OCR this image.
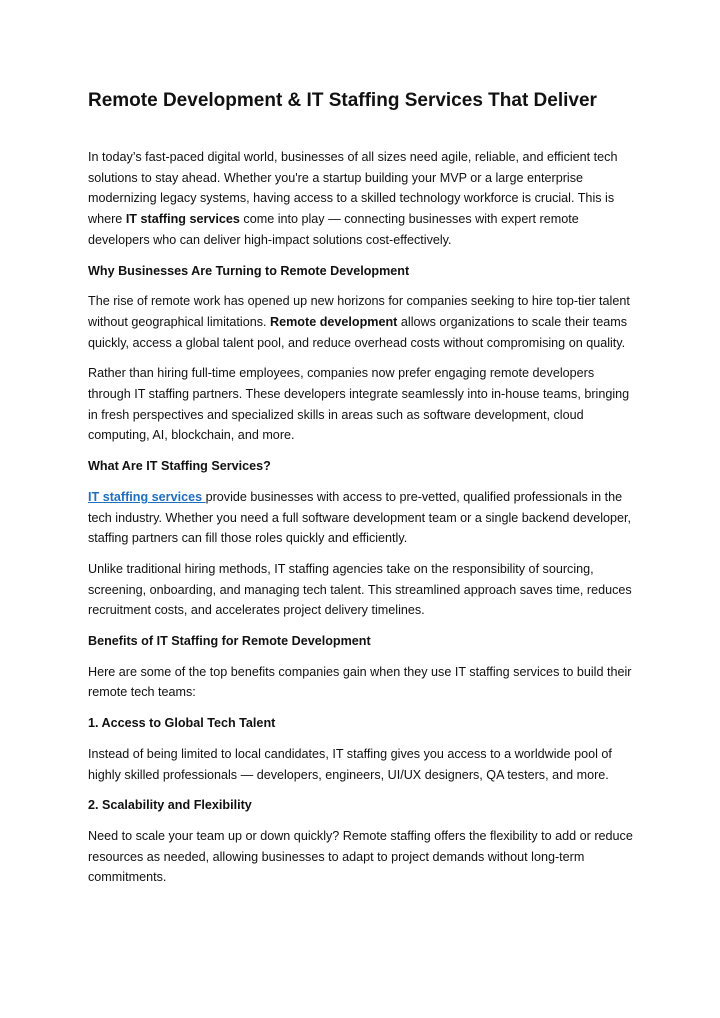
Remote Development & IT Staffing Services That Deliver

In today’s fast-paced digital world, businesses of all sizes need agile, reliable, and efficient tech solutions to stay ahead. Whether you're a startup building your MVP or a large enterprise modernizing legacy systems, having access to a skilled technology workforce is crucial. This is where IT staffing services come into play — connecting businesses with expert remote developers who can deliver high-impact solutions cost-effectively.

Why Businesses Are Turning to Remote Development

The rise of remote work has opened up new horizons for companies seeking to hire top-tier talent without geographical limitations. Remote development allows organizations to scale their teams quickly, access a global talent pool, and reduce overhead costs without compromising on quality.

Rather than hiring full-time employees, companies now prefer engaging remote developers through IT staffing partners. These developers integrate seamlessly into in-house teams, bringing in fresh perspectives and specialized skills in areas such as software development, cloud computing, AI, blockchain, and more.

What Are IT Staffing Services?

IT staffing services provide businesses with access to pre-vetted, qualified professionals in the tech industry. Whether you need a full software development team or a single backend developer, staffing partners can fill those roles quickly and efficiently.

Unlike traditional hiring methods, IT staffing agencies take on the responsibility of sourcing, screening, onboarding, and managing tech talent. This streamlined approach saves time, reduces recruitment costs, and accelerates project delivery timelines.

Benefits of IT Staffing for Remote Development

Here are some of the top benefits companies gain when they use IT staffing services to build their remote tech teams:

1. Access to Global Tech Talent

Instead of being limited to local candidates, IT staffing gives you access to a worldwide pool of highly skilled professionals — developers, engineers, UI/UX designers, QA testers, and more.

2. Scalability and Flexibility

Need to scale your team up or down quickly? Remote staffing offers the flexibility to add or reduce resources as needed, allowing businesses to adapt to project demands without long-term commitments.
